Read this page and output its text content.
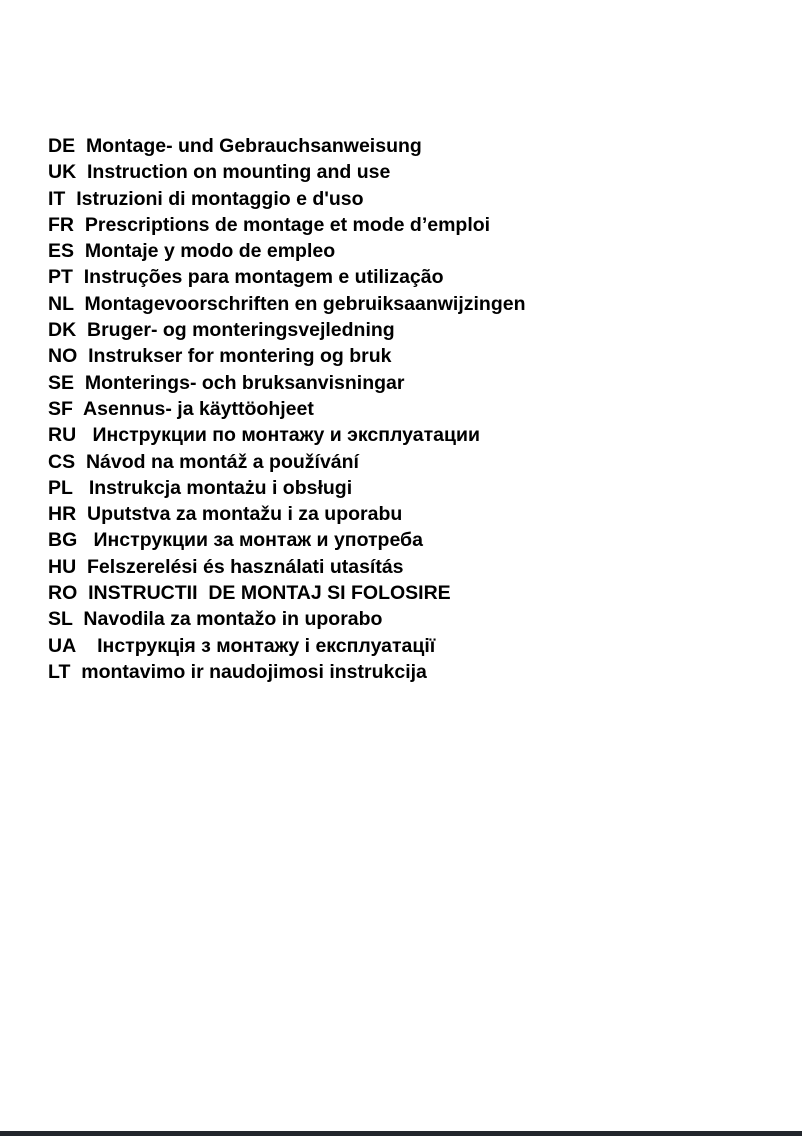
DE Montage- und Gebrauchsanweisung
UK Instruction on mounting and use
IT Istruzioni di montaggio e d'uso
FR Prescriptions de montage et mode d’emploi
ES Montaje y modo de empleo
PT Instruções para montagem e utilização
NL Montagevoorschriften en gebruiksaanwijzingen
DK Bruger- og monteringsvejledning
NO Instrukser for montering og bruk
SE Monterings- och bruksanvisningar
SF Asennus- ja käyttöohjeet
RU Инструкции по монтажу и эксплуатации
CS Návod na montáž a používání
PL Instrukcja montażu i obsługi
HR Uputstva za montažu i za uporabu
BG Инструкции за монтаж и употреба
HU Felszerelési és használati utasítás
RO INSTRUCTII  DE MONTAJ SI FOLOSIRE
SL Navodila za montažo in uporabo
UA Інструкція з монтажу і експлуатації
LT montavimo ir naudojimosi instrukcija
